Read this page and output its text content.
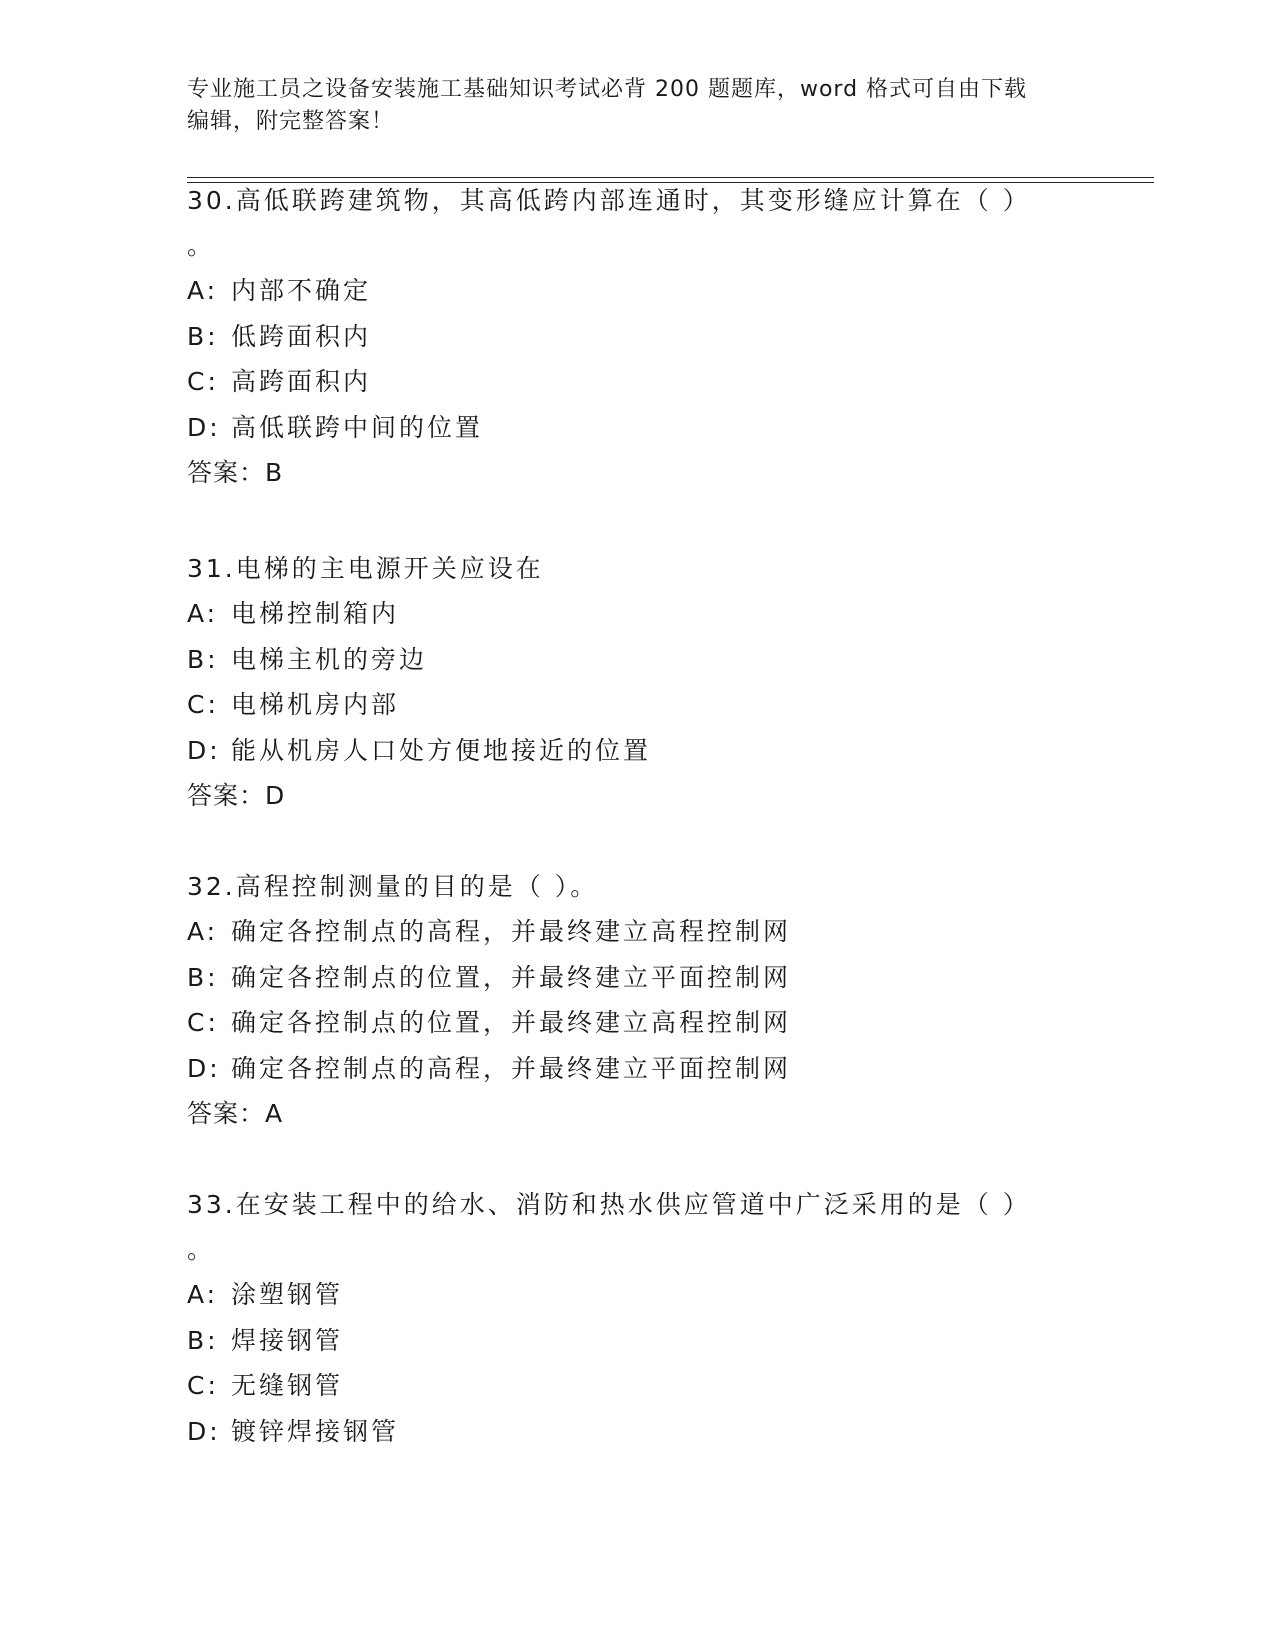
专业施工员之设备安装施工基础知识考试必背 200 题题库，word 格式可自由下载
编辑，附完整答案！

30.高低联跨建筑物，其高低跨内部连通时，其变形缝应计算在（ ）

。

A: 内部不确定

B: 低跨面积内

C: 高跨面积内

D: 高低联跨中间的位置

答案：B

31.电梯的主电源开关应设在

A: 电梯控制箱内

B: 电梯主机的旁边

C: 电梯机房内部

D: 能从机房人口处方便地接近的位置

答案：D

32.高程控制测量的目的是（ ）。

A: 确定各控制点的高程，并最终建立高程控制网

B: 确定各控制点的位置，并最终建立平面控制网

C: 确定各控制点的位置，并最终建立高程控制网

D: 确定各控制点的高程，并最终建立平面控制网

答案：A

33.在安装工程中的给水、消防和热水供应管道中广泛采用的是（ ）

。

A: 涂塑钢管

B: 焊接钢管

C: 无缝钢管

D: 镀锌焊接钢管
